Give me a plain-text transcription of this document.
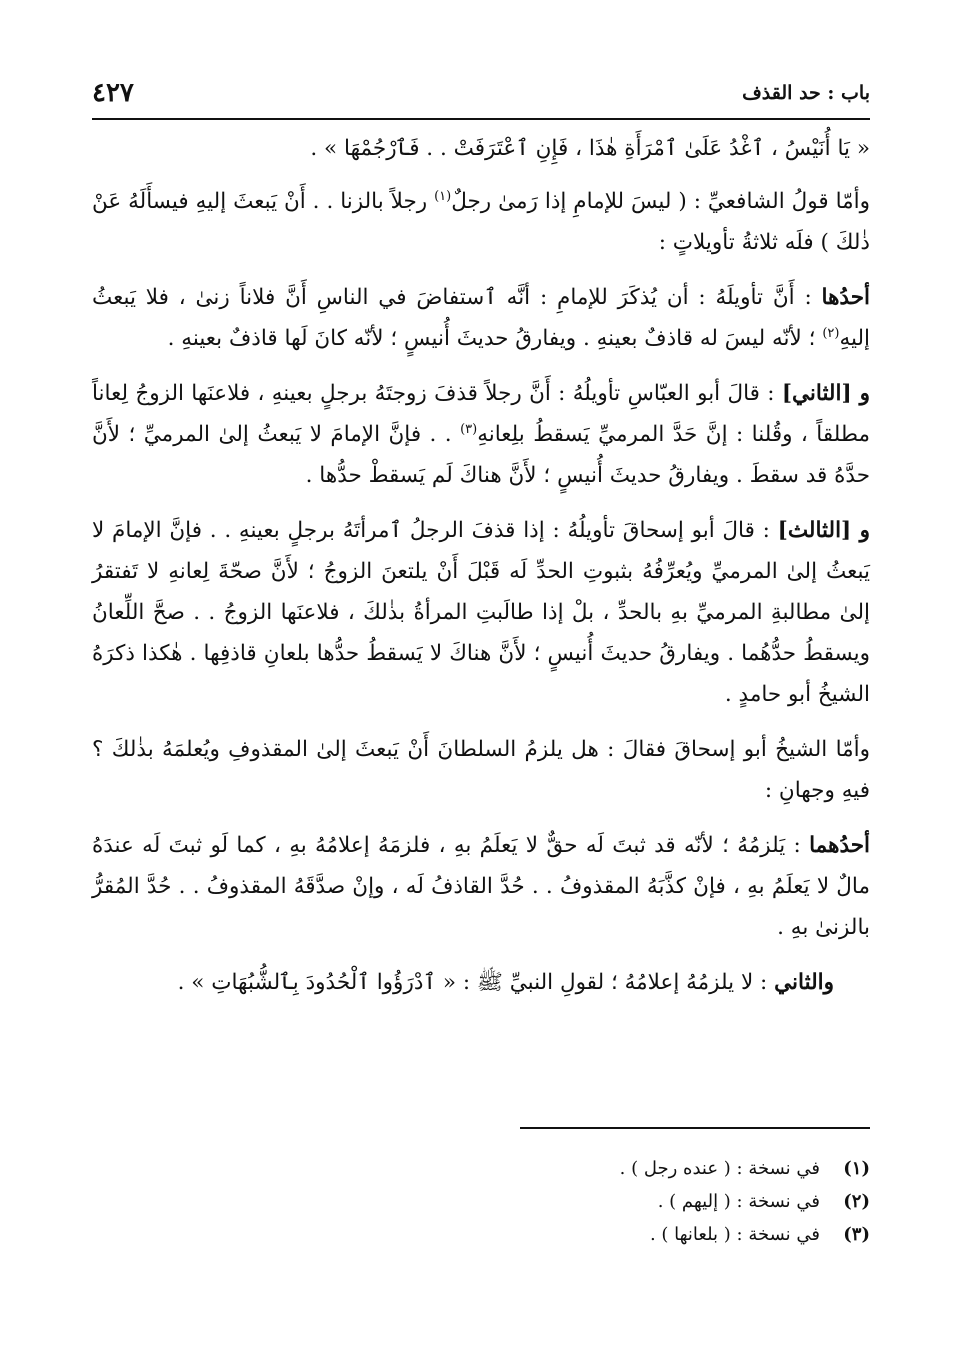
باب : حد القذف
٤٢٧

« يَا أُنَيْسُ ، ٱغْدُ عَلَىٰ ٱمْرَأَةِ هٰذَا ، فَإِنِ ٱعْتَرَفَتْ . . فَٱرْجُمْهَا » .

وأمّا قولُ الشافعيِّ : ( ليسَ للإمامِ إذا رَمىٰ رجلٌ$^{(١)}$ رجلاً بالزنا . . أَنْ يَبعثَ إليهِ فيسأَلَهُ عَنْ ذٰلكَ ) فلَه ثلاثةُ تأويلاتٍ :

أحدُها : أَنَّ تأويلَهُ : أن يُذكَرَ للإمامِ : أنَّه ٱستفاضَ في الناسِ أَنَّ فلاناً زنىٰ ، فلا يَبعثُ إليهِ$^{(٢)}$ ؛ لأنّه ليسَ له قاذفٌ بعينهِ . ويفارقُ حديثَ أُنيسٍ ؛ لأنّه كانَ لَها قاذفٌ بعينهِ .

و [الثاني] : قالَ أبو العبّاسِ تأويلُهُ : أَنَّ رجلاً قذفَ زوجتَهُ برجلٍ بعينهِ ، فلاعنَها الزوجُ لِعاناً مطلقاً ، وقُلنا : إنَّ حَدَّ المرميِّ يَسقطُ بلِعانهِ$^{(٣)}$ . . فإنَّ الإمامَ لا يَبعثُ إلىٰ المرميِّ ؛ لأَنَّ حدَّهُ قد سقطَ . ويفارقُ حديثَ أُنيسٍ ؛ لأَنَّ هناكَ لَم يَسقطْ حدُّها .

و [الثالث] : قالَ أبو إسحاقَ تأويلُهُ : إذا قذفَ الرجلُ ٱمرأتَهُ برجلٍ بعينهِ . . فإنَّ الإمامَ لا يَبعثُ إلىٰ المرميِّ ويُعرِّفُهُ بثبوتِ الحدِّ لَه قَبْلَ أَنْ يلتعنَ الزوجُ ؛ لأَنَّ صحّةَ لِعانهِ لا تَفتقرُ إلىٰ مطالبةِ المرميِّ بهِ بالحدِّ ، بلْ إذا طالَبتِ المرأةُ بذٰلكَ ، فلاعنَها الزوجُ . . صحَّ اللِّعانُ ويسقطُ حدُّهُما . ويفارقُ حديثَ أُنيسٍ ؛ لأَنَّ هناكَ لا يَسقطُ حدُّها بلعانِ قاذفِها . هٰكذا ذكرَهُ الشيخُ أبو حامدٍ .

وأمّا الشيخُ أبو إسحاقَ فقالَ : هل يلزمُ السلطانَ أَنْ يَبعثَ إلىٰ المقذوفِ ويُعلمَهُ بذٰلكَ ؟ فيهِ وجهانِ :

أحدُهما : يَلزمُهُ ؛ لأنّه قد ثبتَ لَه حقٌّ لا يَعلَمُ بهِ ، فلزمَهُ إعلامُهُ بهِ ، كما لَو ثبتَ لَه عندَهُ مالٌ لا يَعلَمُ بهِ ، فإنْ كذَّبَهُ المقذوفُ . . حُدَّ القاذفُ لَه ، وإنْ صدَّقَهُ المقذوفُ . . حُدَّ المُقرُّ بالزنىٰ بهِ .

والثاني : لا يلزمُهُ إعلامُهُ ؛ لقولِ النبيِّ ﷺ : « ٱدْرَؤُوا ٱلْحُدُودَ بِٱلشُّبُهَاتِ » .

(١)
في نسخة : ( عنده رجل ) .
(٢)
في نسخة : ( إليهم ) .
(٣)
في نسخة : ( بلعانها ) .
